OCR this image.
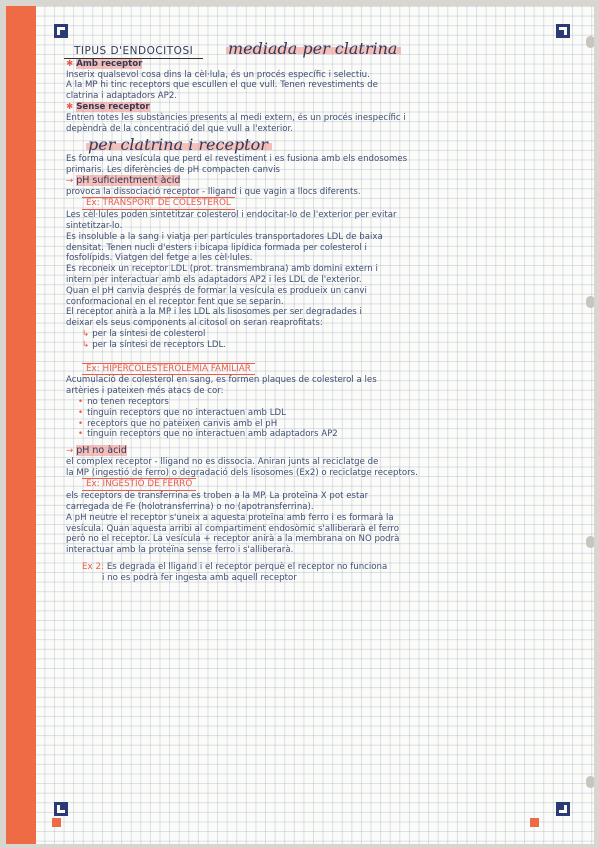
TIPUS D'ENDOCITOSI mediada per clatrina

✱ Amb receptor

Inserix qualsevol cosa dins la cèl·lula, és un procés específic i selectiu.

A la MP hi tinc receptors que escullen el que vull. Tenen revestiments de

clatrina i adaptadors AP2.

✱ Sense receptor

Entren totes les substàncies presents al medi extern, és un procés inespecífic i

depèndrà de la concentració del que vull a l'exterior.

per clatrina i receptor

Es forma una vesícula que perd el revestiment i es fusiona amb els endosomes

primaris. Les diferències de pH compacten canvis

→ pH suficientment àcid

provoca la dissociació receptor - lligand i que vagin a llocs diferents.

Ex: TRANSPORT DE COLESTEROL

Les cèl·lules poden sintetitzar colesterol i endocitar-lo de l'exterior per evitar

sintetitzar-lo.

Es insoluble a la sang i viatja per partícules transportadores LDL de baixa

densitat. Tenen nucli d'esters i bicapa lipídica formada per colesterol i

fosfolípids. Viatgen del fetge a les cèl·lules.

Es reconeix un receptor LDL (prot. transmembrana) amb domini extern i

intern per interactuar amb els adaptadors AP2 i les LDL de l'exterior.

Quan el pH canvia després de formar la vesícula es produeix un canvi

conformacional en el receptor fent que se separin.

El receptor anirà a la MP i les LDL als lisosomes per ser degradades i

deixar els seus components al citosol on seran reaprofitats:

↳ per la síntesi de colesterol

↳ per la síntesi de receptors LDL.

Ex: HIPERCOLESTEROLÈMIA FAMILIAR

Acumulació de colesterol en sang, es formen plaques de colesterol a les

artèries i pateixen més atacs de cor:

• no tenen receptors

• tinguin receptors que no interactuen amb LDL

• receptors que no pateixen canvis amb el pH

• tinguin receptors que no interactuen amb adaptadors AP2

→ pH no àcid

el complex receptor - lligand no es dissocia. Aniran junts al reciclatge de

la MP (ingestió de ferro) o degradació dels lisosomes (Ex2) o reciclatge receptors.

Ex: INGESTIÓ DE FERRO

els receptors de transferrina es troben a la MP. La proteïna X pot estar

carregada de Fe (holotransferrina) o no (apotransferrina).

A pH neutre el receptor s'uneix a aquesta proteïna amb ferro i es formarà la

vesícula. Quan aquesta arribi al compartiment endosòmic s'alliberarà el ferro

però no el receptor. La vesícula + receptor anirà a la membrana on NO podrà

interactuar amb la proteïna sense ferro i s'alliberarà.

Ex 2: Es degrada el lligand i el receptor perquè el receptor no funciona

i no es podrà fer ingesta amb aquell receptor
